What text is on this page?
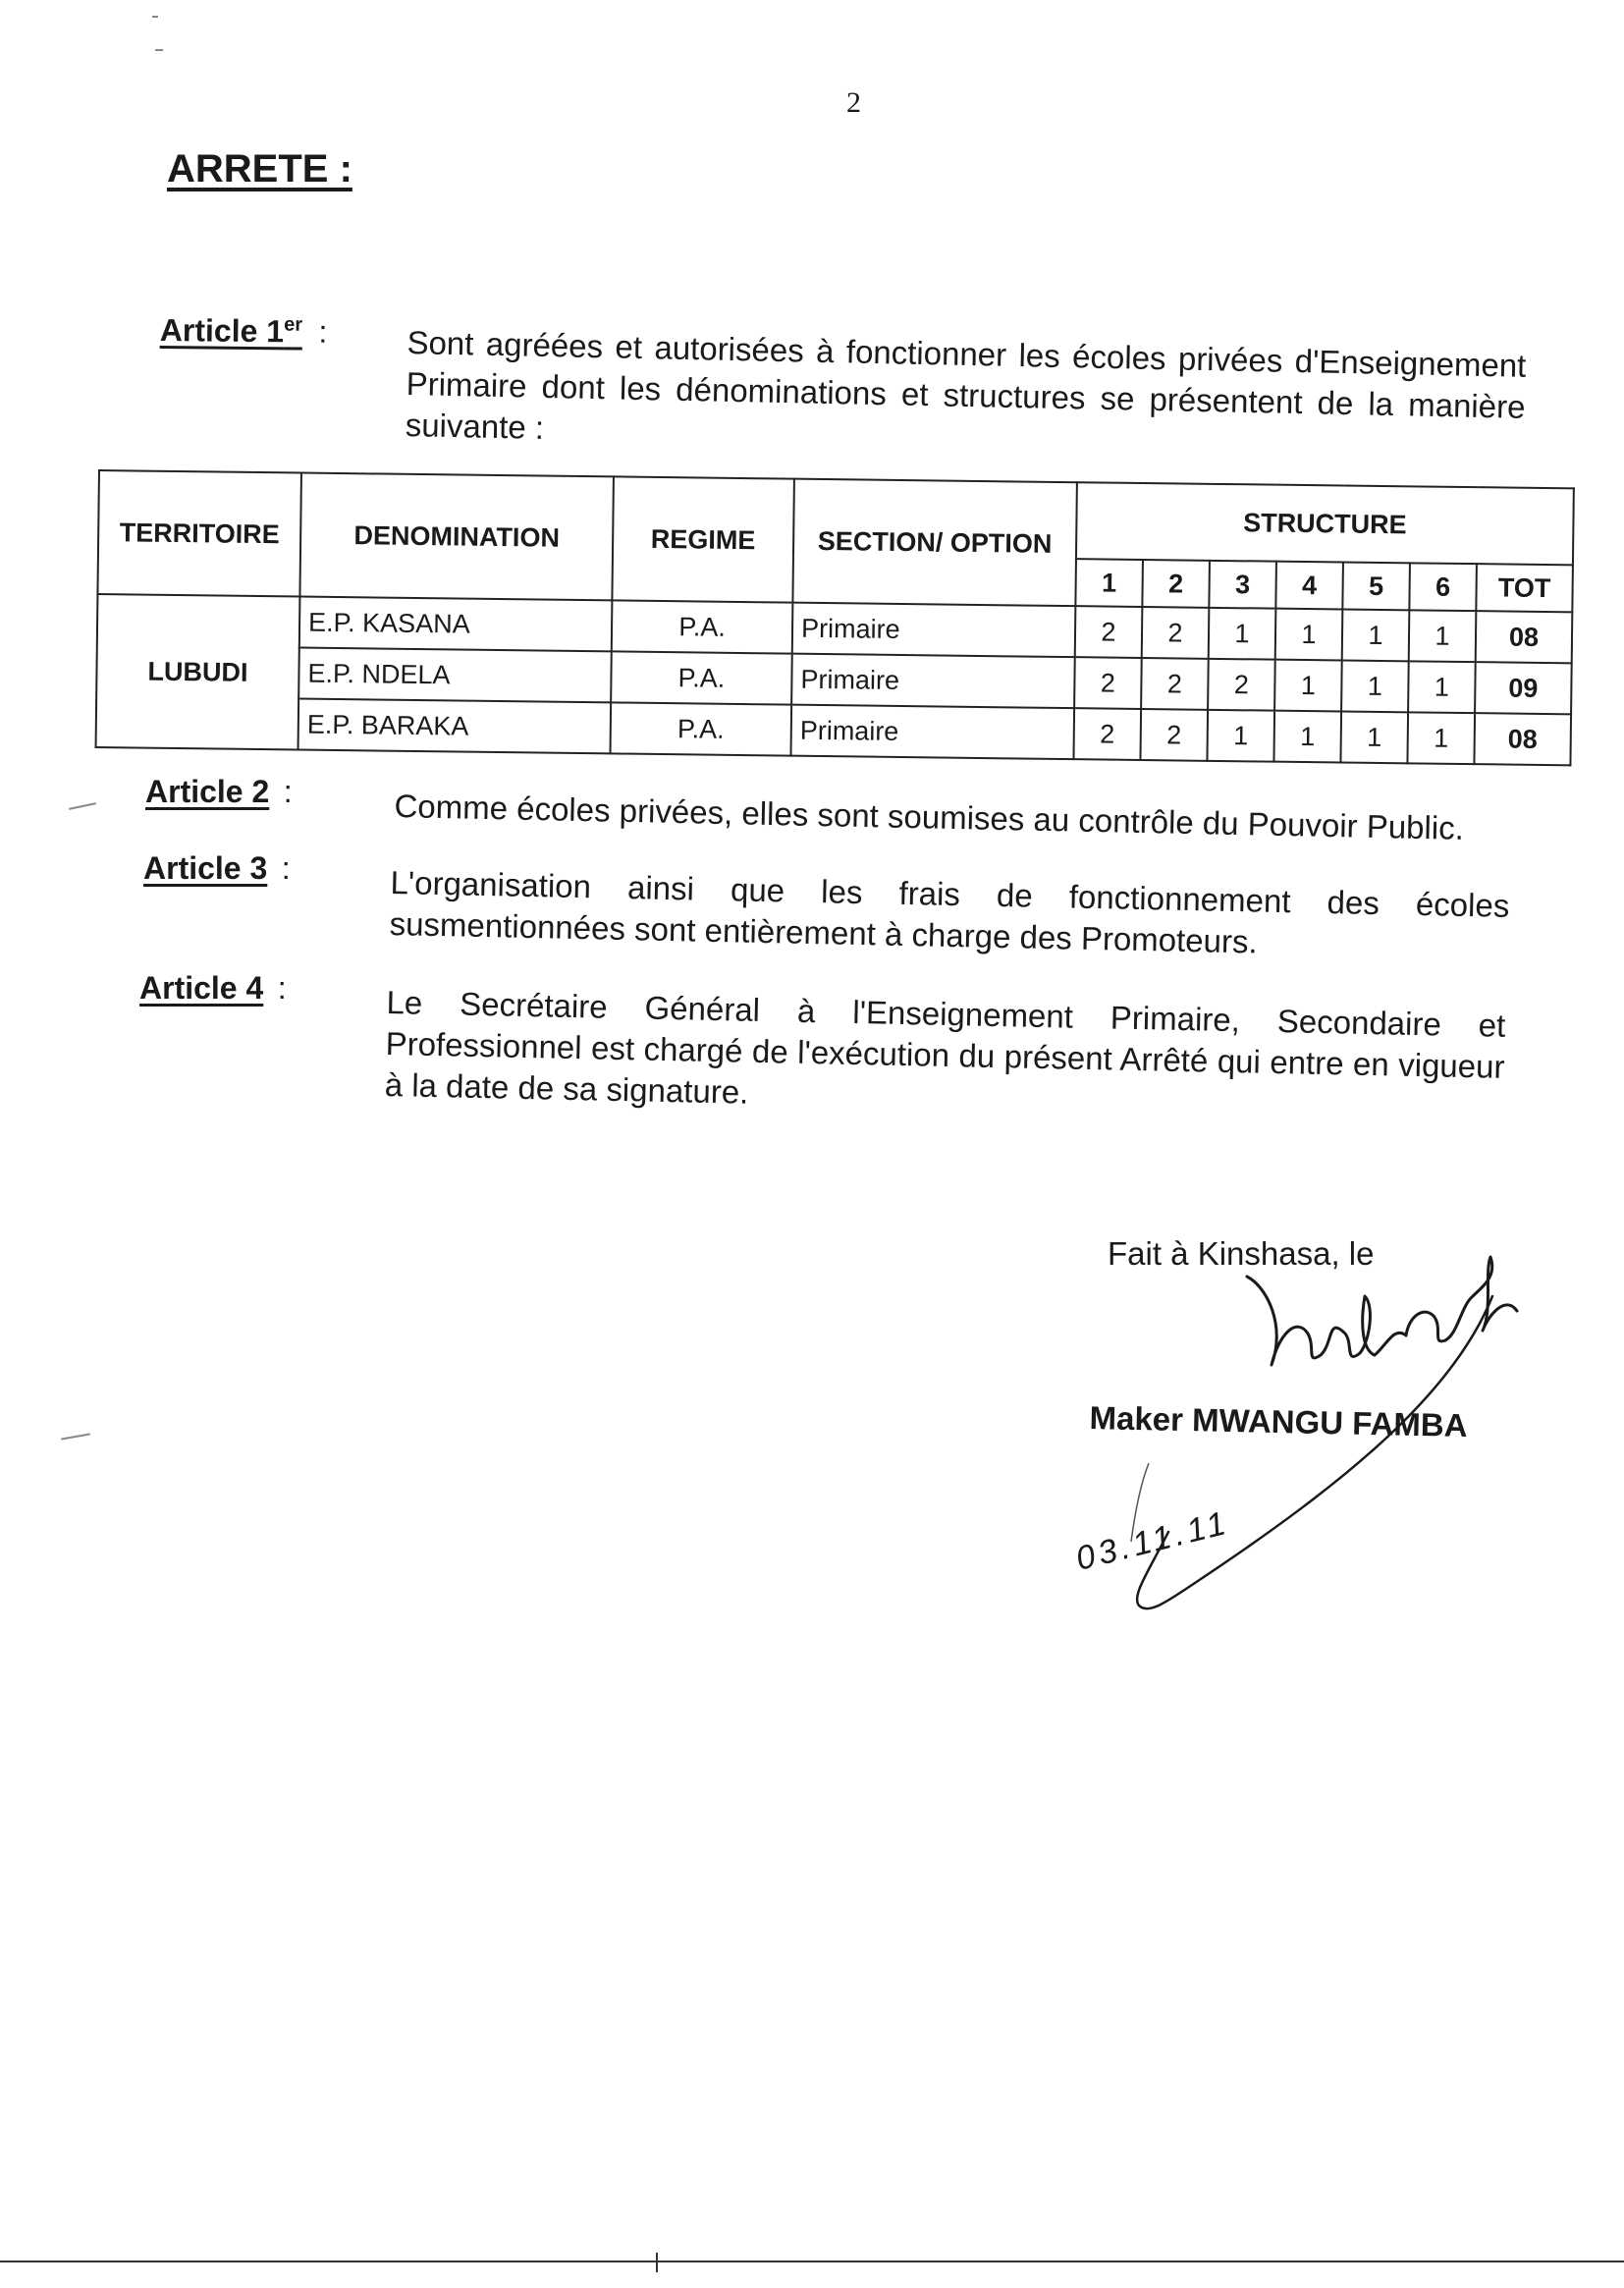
2
ARRETE :
Article 1er : Sont agréées et autorisées à fonctionner les écoles privées d'Enseignement Primaire dont les dénominations et structures se présentent de la manière suivante :
TERRITOIRE	DENOMINATION	REGIME	SECTION/ OPTION	STRUCTURE						
				1	2	3	4	5	6	TOT
LUBUDI	E.P. KASANA	P.A.	Primaire	2	2	1	1	1	1	08
	E.P. NDELA	P.A.	Primaire	2	2	2	1	1	1	09
	E.P. BARAKA	P.A.	Primaire	2	2	1	1	1	1	08
Article 2 :	Comme écoles privées, elles sont soumises au contrôle du Pouvoir Public.
Article 3 :	L'organisation ainsi que les frais de fonctionnement des écoles susmentionnées sont entièrement à charge des Promoteurs.
Article 4 :	Le Secrétaire Général à l'Enseignement Primaire, Secondaire et Professionnel est chargé de l'exécution du présent Arrêté qui entre en vigueur à la date de sa signature.
Fait à Kinshasa, le
Maker MWANGU FAMBA
03.11.11
